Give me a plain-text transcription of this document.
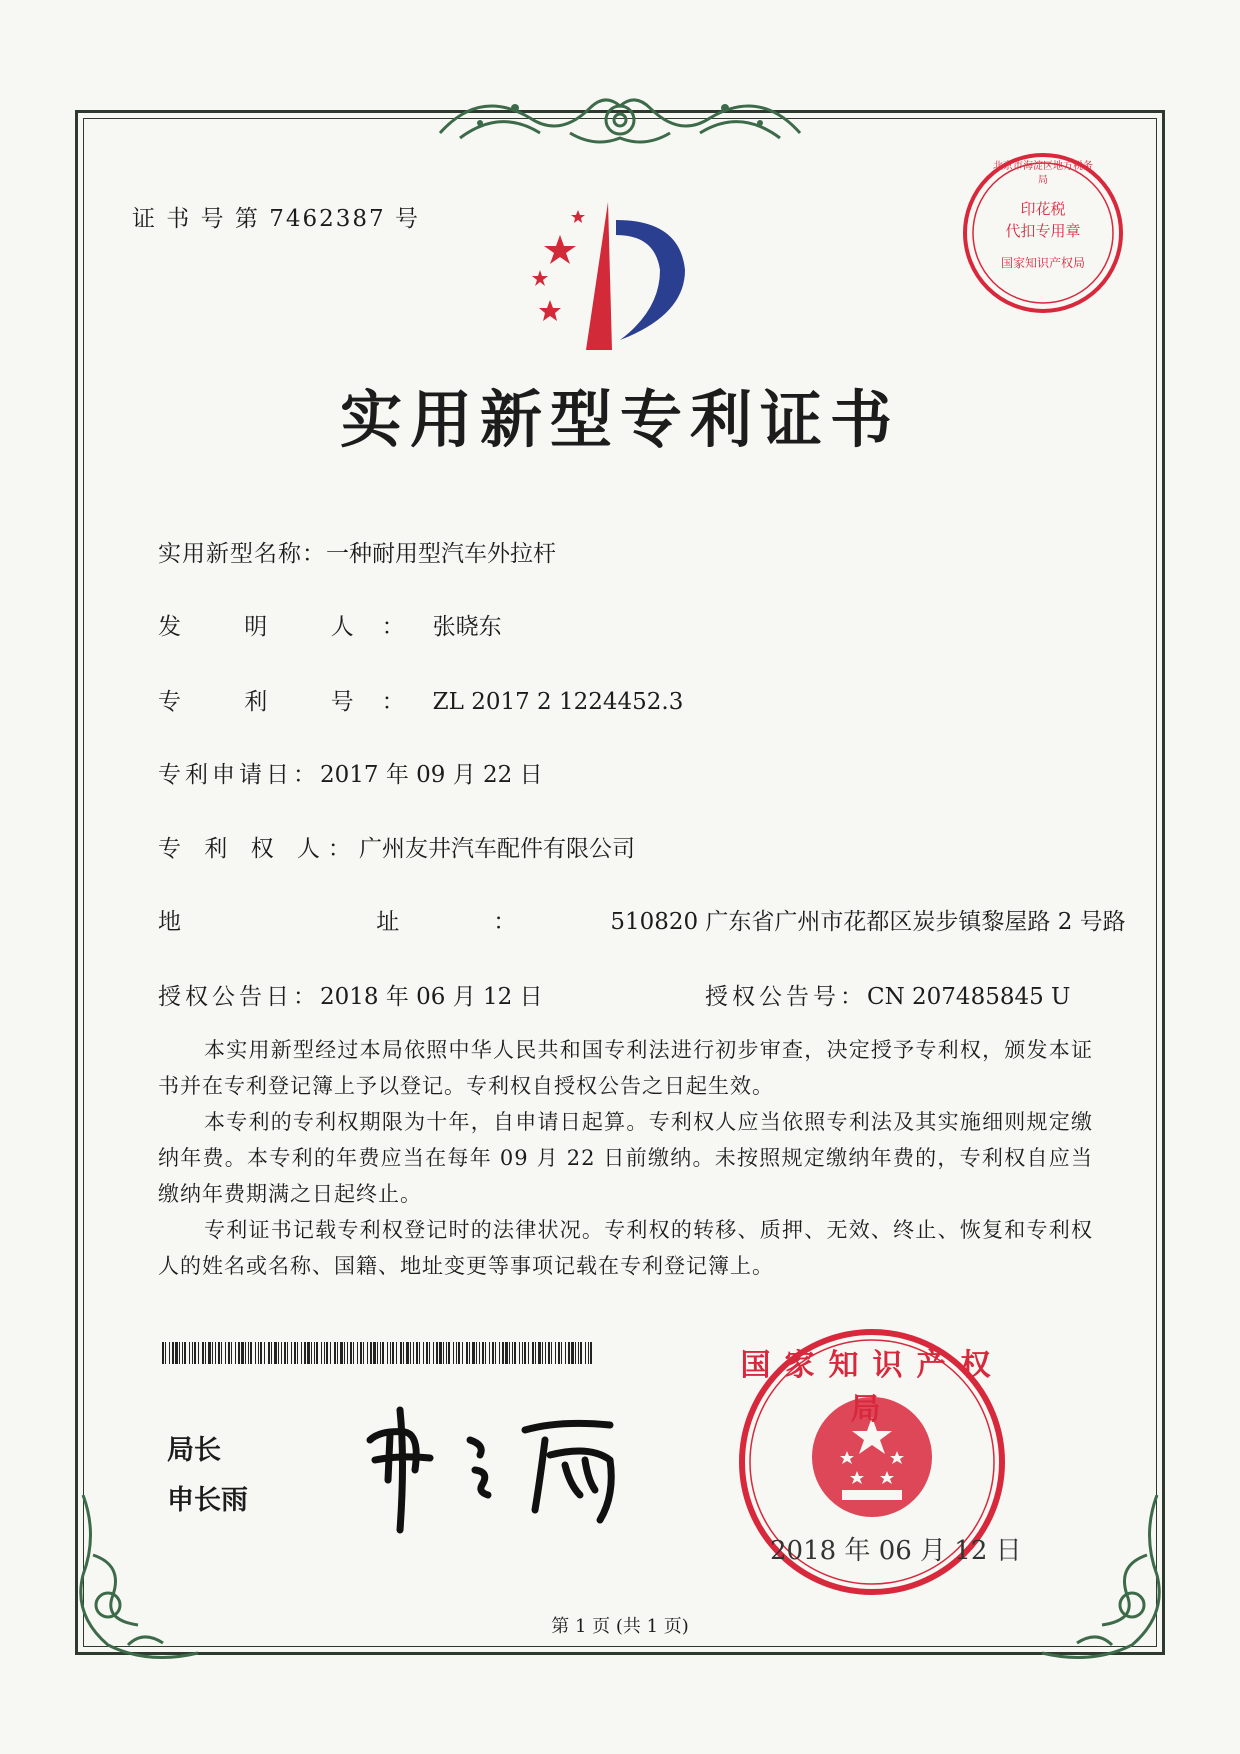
证 书 号 第 7462387 号
北京市海淀区地方税务局
印花税
代扣专用章
国家知识产权局
实用新型专利证书
实用新型名称：一种耐用型汽车外拉杆
发 明 人：张晓东
专 利 号：ZL 2017 2 1224452.3
专利申请日：2017 年 09 月 22 日
专 利 权 人：广州友井汽车配件有限公司
地 址：510820 广东省广州市花都区炭步镇黎屋路 2 号路
授权公告日：2018 年 06 月 12 日	授权公告号：CN 207485845 U
本实用新型经过本局依照中华人民共和国专利法进行初步审查，决定授予专利权，颁发本证书并在专利登记簿上予以登记。专利权自授权公告之日起生效。
本专利的专利权期限为十年，自申请日起算。专利权人应当依照专利法及其实施细则规定缴纳年费。本专利的年费应当在每年 09 月 22 日前缴纳。未按照规定缴纳年费的，专利权自应当缴纳年费期满之日起终止。
专利证书记载专利权登记时的法律状况。专利权的转移、质押、无效、终止、恢复和专利权人的姓名或名称、国籍、地址变更等事项记载在专利登记簿上。
局长
申长雨
国家知识产权局
2018 年 06 月 12 日
第 1 页 (共 1 页)
